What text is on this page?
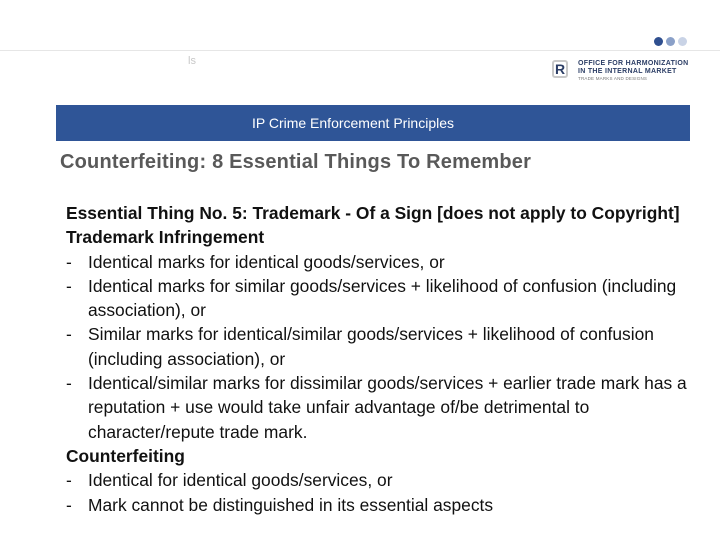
ls	R OFFICE FOR HARMONIZATION
IN THE INTERNAL MARKET
TRADE MARKS AND DESIGNS
IP Crime Enforcement Principles
Counterfeiting: 8 Essential Things To Remember

Essential Thing No. 5: Trademark - Of a Sign [does not apply to Copyright]

Trademark Infringement

- Identical marks for identical goods/services, or
- Identical marks for similar goods/services + likelihood of confusion (including association), or
- Similar marks for identical/similar goods/services + likelihood of confusion (including association), or
- Identical/similar marks for dissimilar goods/services + earlier trade mark has a reputation + use would take unfair advantage of/be detrimental to character/repute trade mark.

Counterfeiting

- Identical for identical goods/services, or
- Mark cannot be distinguished in its essential aspects
